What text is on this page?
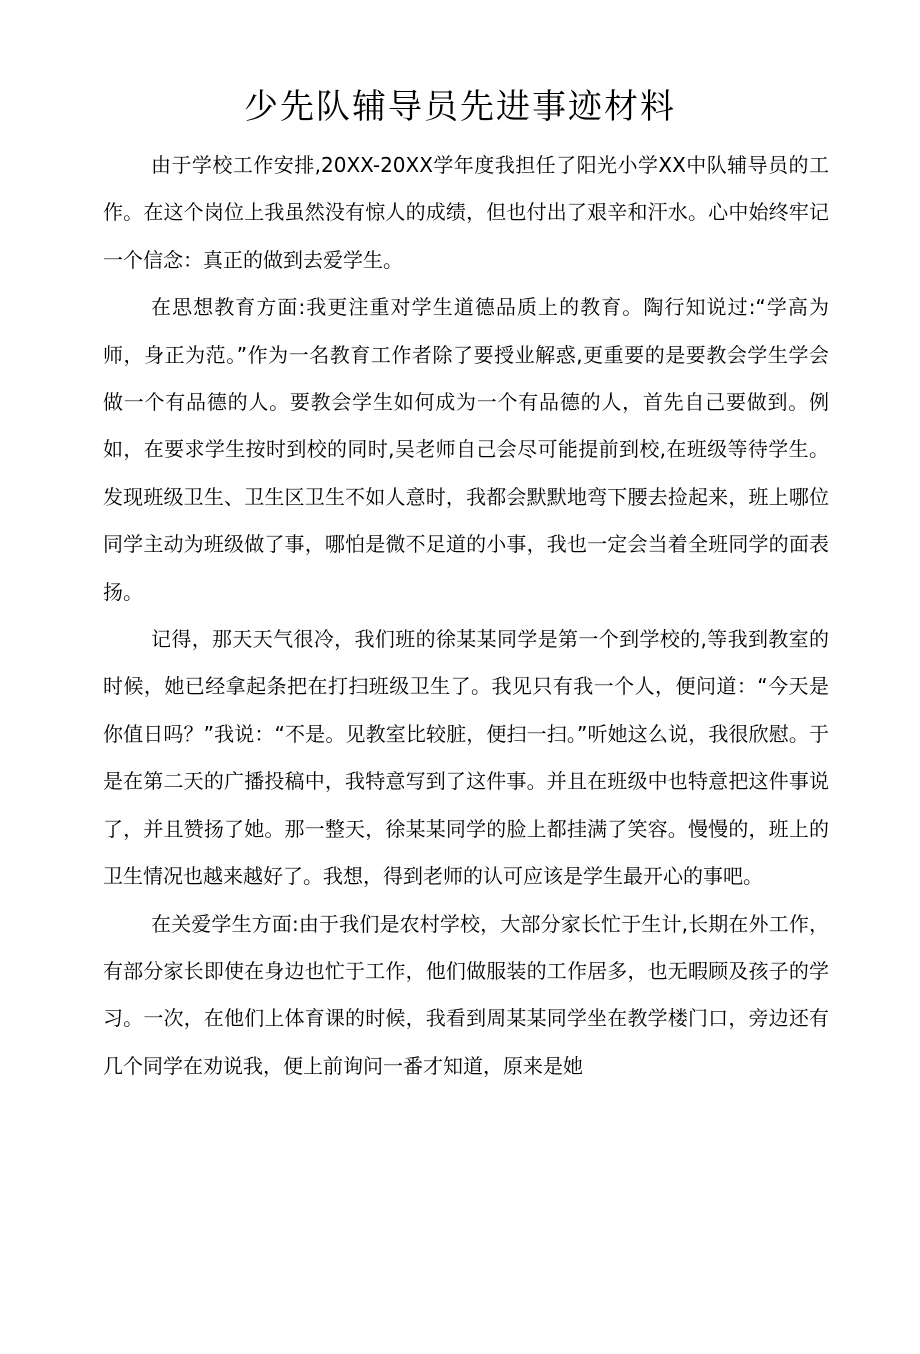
少先队辅导员先进事迹材料

由于学校工作安排,20XX-20XX学年度我担任了阳光小学XX中队辅导员的工作。在这个岗位上我虽然没有惊人的成绩，但也付出了艰辛和汗水。心中始终牢记一个信念：真正的做到去爱学生。

在思想教育方面:我更注重对学生道德品质上的教育。陶行知说过:“学高为师，身正为范。”作为一名教育工作者除了要授业解惑,更重要的是要教会学生学会做一个有品德的人。要教会学生如何成为一个有品德的人，首先自己要做到。例如，在要求学生按时到校的同时,吴老师自己会尽可能提前到校,在班级等待学生。发现班级卫生、卫生区卫生不如人意时，我都会默默地弯下腰去捡起来，班上哪位同学主动为班级做了事，哪怕是微不足道的小事，我也一定会当着全班同学的面表扬。

记得，那天天气很冷，我们班的徐某某同学是第一个到学校的,等我到教室的时候，她已经拿起条把在打扫班级卫生了。我见只有我一个人，便问道：“今天是你值日吗？”我说：“不是。见教室比较脏，便扫一扫。”听她这么说，我很欣慰。于是在第二天的广播投稿中，我特意写到了这件事。并且在班级中也特意把这件事说了，并且赞扬了她。那一整天，徐某某同学的脸上都挂满了笑容。慢慢的，班上的卫生情况也越来越好了。我想，得到老师的认可应该是学生最开心的事吧。

在关爱学生方面:由于我们是农村学校，大部分家长忙于生计,长期在外工作，有部分家长即使在身边也忙于工作，他们做服装的工作居多，也无暇顾及孩子的学习。一次，在他们上体育课的时候，我看到周某某同学坐在教学楼门口，旁边还有几个同学在劝说我，便上前询问一番才知道，原来是她
